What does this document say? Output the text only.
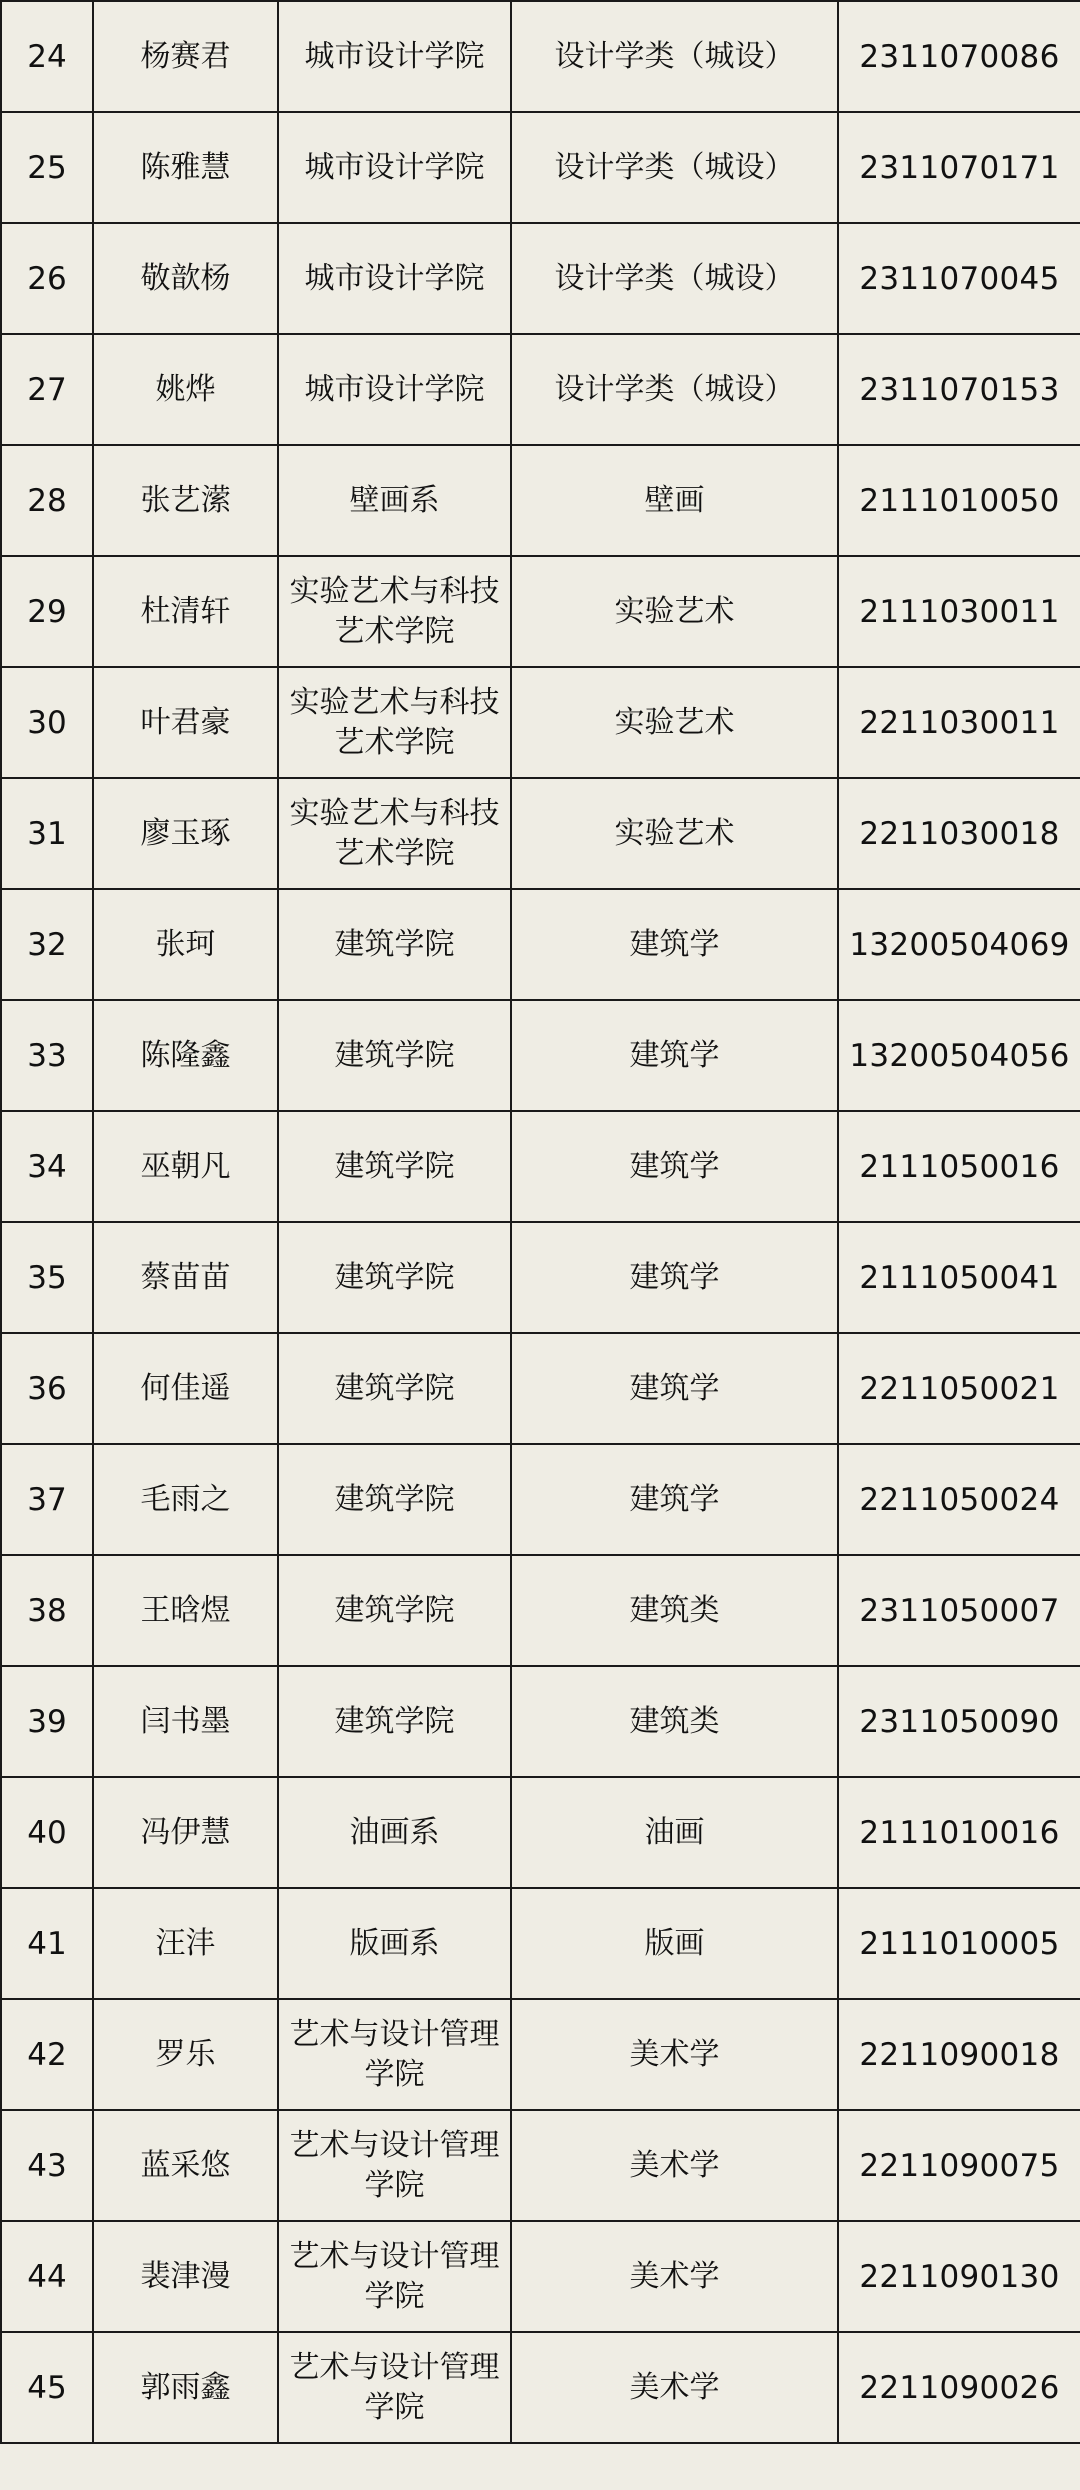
24	杨赛君	城市设计学院	设计学类（城设）	2311070086

25	陈雅慧	城市设计学院	设计学类（城设）	2311070171

26	敬歆杨	城市设计学院	设计学类（城设）	2311070045

27	姚烨	城市设计学院	设计学类（城设）	2311070153

28	张艺潆	壁画系	壁画	2111010050

29	杜清轩	实验艺术与科技艺术学院	实验艺术	2111030011

30	叶君豪	实验艺术与科技艺术学院	实验艺术	2211030011

31	廖玉琢	实验艺术与科技艺术学院	实验艺术	2211030018

32	张珂	建筑学院	建筑学	13200504069

33	陈隆鑫	建筑学院	建筑学	13200504056

34	巫朝凡	建筑学院	建筑学	2111050016

35	蔡苗苗	建筑学院	建筑学	2111050041

36	何佳遥	建筑学院	建筑学	2211050021

37	毛雨之	建筑学院	建筑学	2211050024

38	王晗煜	建筑学院	建筑类	2311050007

39	闫书墨	建筑学院	建筑类	2311050090

40	冯伊慧	油画系	油画	2111010016

41	汪沣	版画系	版画	2111010005

42	罗乐	艺术与设计管理学院	美术学	2211090018

43	蓝采悠	艺术与设计管理学院	美术学	2211090075

44	裴津漫	艺术与设计管理学院	美术学	2211090130

45	郭雨鑫	艺术与设计管理学院	美术学	2211090026
